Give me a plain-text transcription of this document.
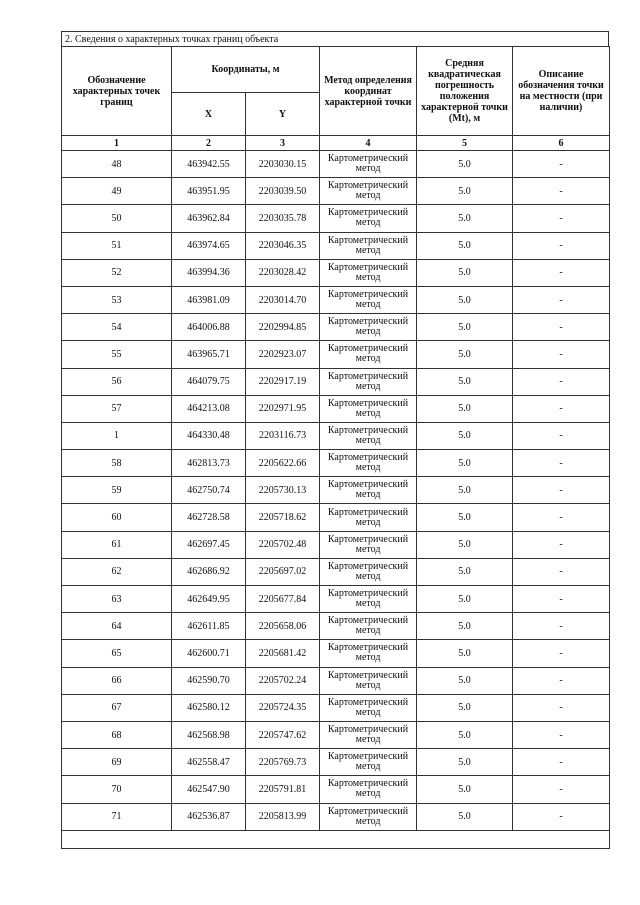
2. Сведения о характерных точках границ объекта
Обозначение характерных точек границ	Координаты, м		Метод определения координат характерной точки	Средняя квадратическая погрешность положения характерной точки (Mt), м	Описание обозначения точки на местности (при наличии)
	X	Y			
1	2	3	4	5	6
48	463942.55	2203030.15	Картометрический метод	5.0	-
49	463951.95	2203039.50	Картометрический метод	5.0	-
50	463962.84	2203035.78	Картометрический метод	5.0	-
51	463974.65	2203046.35	Картометрический метод	5.0	-
52	463994.36	2203028.42	Картометрический метод	5.0	-
53	463981.09	2203014.70	Картометрический метод	5.0	-
54	464006.88	2202994.85	Картометрический метод	5.0	-
55	463965.71	2202923.07	Картометрический метод	5.0	-
56	464079.75	2202917.19	Картометрический метод	5.0	-
57	464213.08	2202971.95	Картометрический метод	5.0	-
1	464330.48	2203116.73	Картометрический метод	5.0	-
58	462813.73	2205622.66	Картометрический метод	5.0	-
59	462750.74	2205730.13	Картометрический метод	5.0	-
60	462728.58	2205718.62	Картометрический метод	5.0	-
61	462697.45	2205702.48	Картометрический метод	5.0	-
62	462686.92	2205697.02	Картометрический метод	5.0	-
63	462649.95	2205677.84	Картометрический метод	5.0	-
64	462611.85	2205658.06	Картометрический метод	5.0	-
65	462600.71	2205681.42	Картометрический метод	5.0	-
66	462590.70	2205702.24	Картометрический метод	5.0	-
67	462580.12	2205724.35	Картометрический метод	5.0	-
68	462568.98	2205747.62	Картометрический метод	5.0	-
69	462558.47	2205769.73	Картометрический метод	5.0	-
70	462547.90	2205791.81	Картометрический метод	5.0	-
71	462536.87	2205813.99	Картометрический метод	5.0	-
